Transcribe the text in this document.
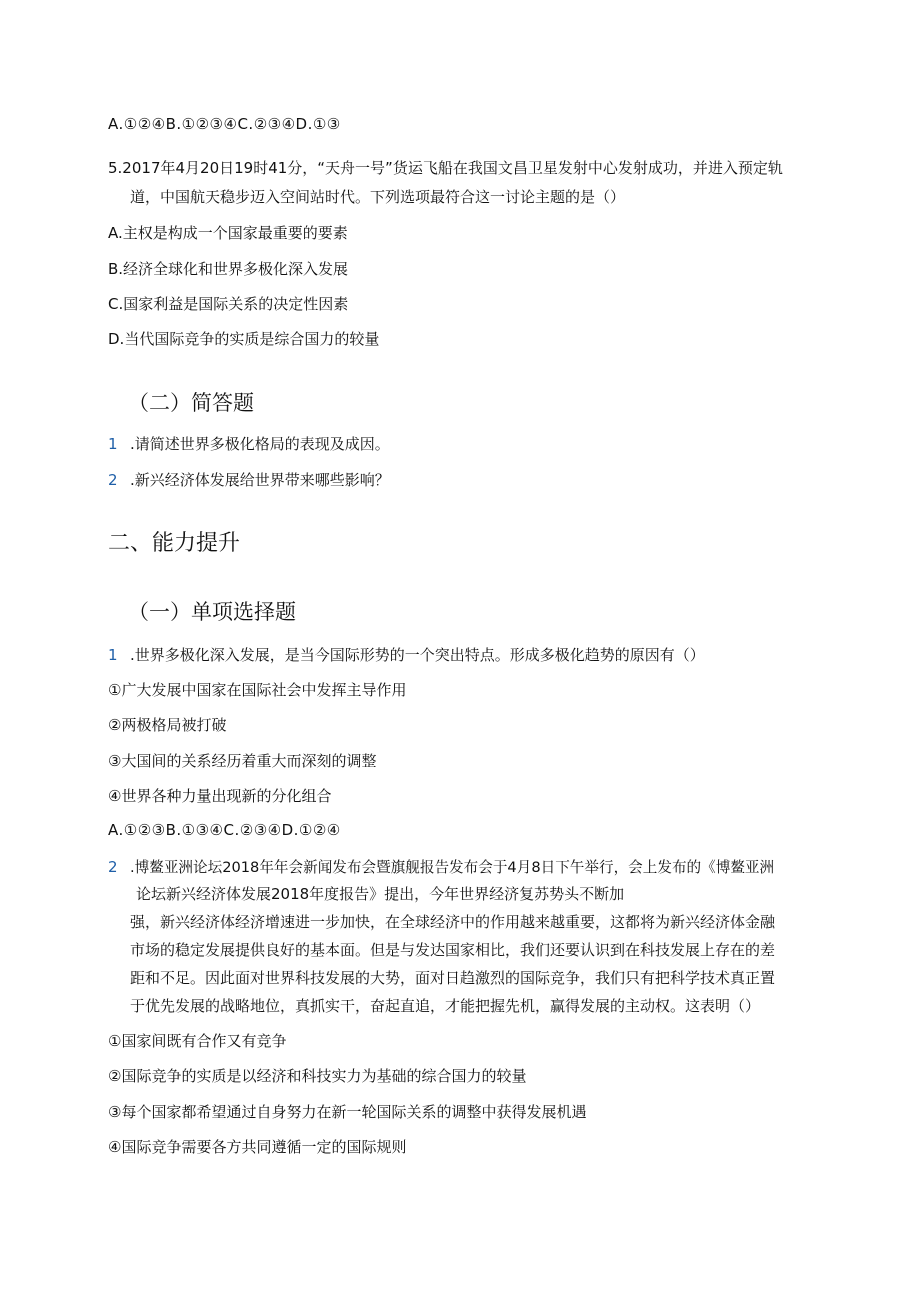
A.①②④B.①②③④C.②③④D.①③
5.2017年4月20日19时41分，“天舟一号”货运飞船在我国文昌卫星发射中心发射成功，并进入预定轨
道，中国航天稳步迈入空间站时代。下列选项最符合这一讨论主题的是（）
A.主权是构成一个国家最重要的要素
B.经济全球化和世界多极化深入发展
C.国家利益是国际关系的决定性因素
D.当代国际竞争的实质是综合国力的较量
（二）简答题
1 .请简述世界多极化格局的表现及成因。
2 .新兴经济体发展给世界带来哪些影响？
二、能力提升
（一）单项选择题
1 .世界多极化深入发展，是当今国际形势的一个突出特点。形成多极化趋势的原因有（）
①广大发展中国家在国际社会中发挥主导作用
②两极格局被打破
③大国间的关系经历着重大而深刻的调整
④世界各种力量出现新的分化组合
A.①②③B.①③④C.②③④D.①②④
2 .博鳌亚洲论坛2018年年会新闻发布会暨旗舰报告发布会于4月8日下午举行，会上发布的《博鳌亚洲
论坛新兴经济体发展2018年度报告》提出，今年世界经济复苏势头不断加
强，新兴经济体经济增速进一步加快，在全球经济中的作用越来越重要，这都将为新兴经济体金融
市场的稳定发展提供良好的基本面。但是与发达国家相比，我们还要认识到在科技发展上存在的差
距和不足。因此面对世界科技发展的大势，面对日趋激烈的国际竞争，我们只有把科学技术真正置
于优先发展的战略地位，真抓实干，奋起直追，才能把握先机，赢得发展的主动权。这表明（）
①国家间既有合作又有竞争
②国际竞争的实质是以经济和科技实力为基础的综合国力的较量
③每个国家都希望通过自身努力在新一轮国际关系的调整中获得发展机遇
④国际竞争需要各方共同遵循一定的国际规则
